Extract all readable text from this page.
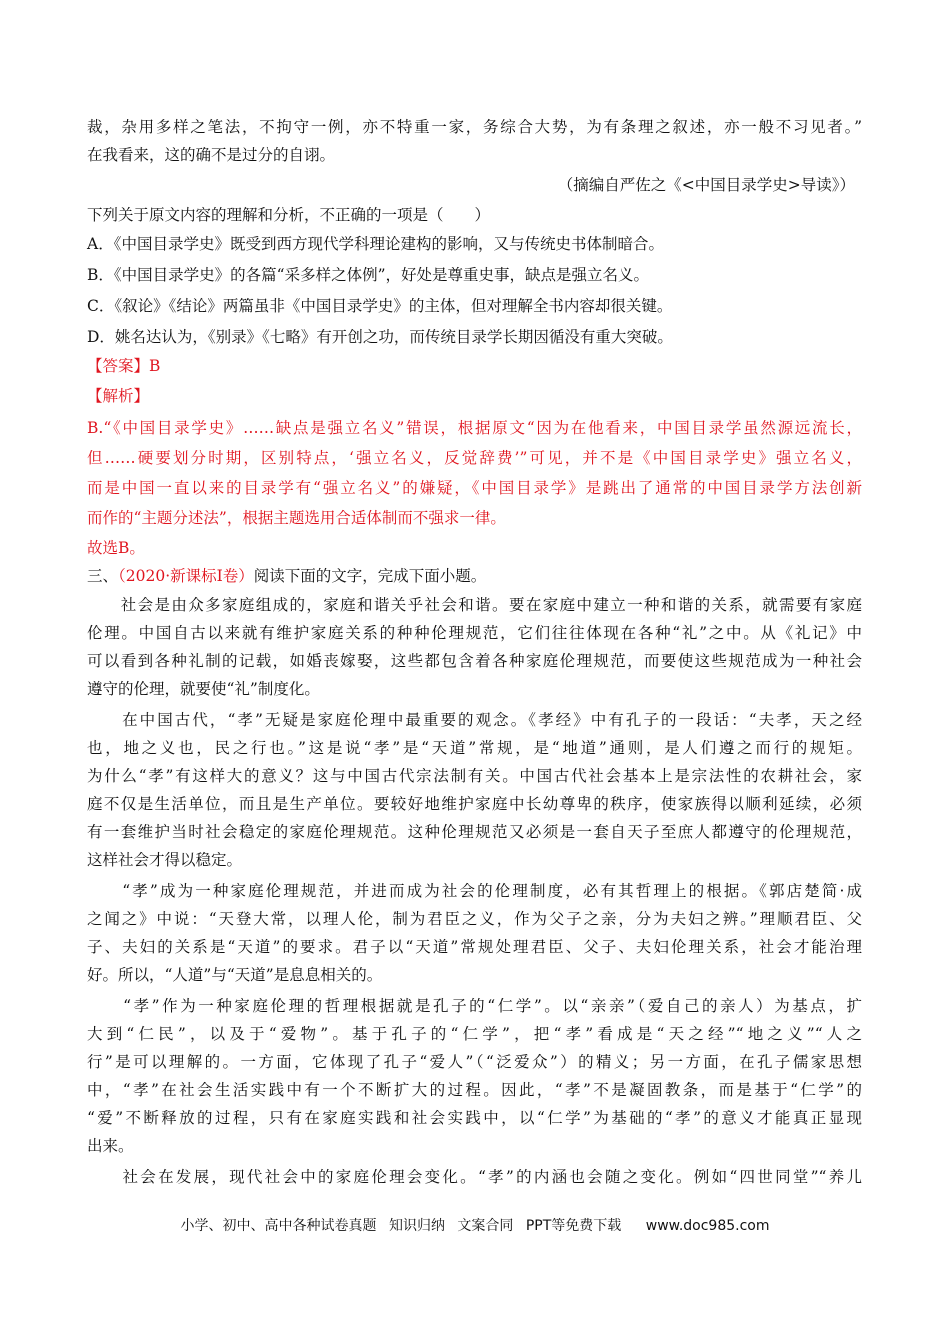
裁，杂用多样之笔法，不拘守一例，亦不特重一家，务综合大势，为有条理之叙述，亦一般不习见者。”
在我看来，这的确不是过分的自诩。
（摘编自严佐之《<中国目录学史>导读》）
下列关于原文内容的理解和分析，不正确的一项是（　　）
A．《中国目录学史》既受到西方现代学科理论建构的影响，又与传统史书体制暗合。
B．《中国目录学史》的各篇“采多样之体例”，好处是尊重史事，缺点是强立名义。
C．《叙论》《结论》两篇虽非《中国目录学史》的主体，但对理解全书内容却很关键。
D．姚名达认为，《别录》《七略》有开创之功，而传统目录学长期因循没有重大突破。
【答案】B
【解析】
B.“《中国目录学史》……缺点是强立名义”错误，根据原文“因为在他看来，中国目录学虽然源远流长，
但……硬要划分时期，区别特点，‘强立名义，反觉辞费’”可见，并不是《中国目录学史》强立名义，
而是中国一直以来的目录学有“强立名义”的嫌疑，《中国目录学》是跳出了通常的中国目录学方法创新
而作的“主题分述法”，根据主题选用合适体制而不强求一律。
故选B。
三、（2020·新课标Ⅰ卷）阅读下面的文字，完成下面小题。
　　社会是由众多家庭组成的，家庭和谐关乎社会和谐。要在家庭中建立一种和谐的关系，就需要有家庭
伦理。中国自古以来就有维护家庭关系的种种伦理规范，它们往往体现在各种“礼”之中。从《礼记》中
可以看到各种礼制的记载，如婚丧嫁娶，这些都包含着各种家庭伦理规范，而要使这些规范成为一种社会
遵守的伦理，就要使“礼”制度化。
　　在中国古代，“孝”无疑是家庭伦理中最重要的观念。《孝经》中有孔子的一段话：“夫孝，天之经
也，地之义也，民之行也。”这是说“孝”是“天道”常规，是“地道”通则，是人们遵之而行的规矩。
为什么“孝”有这样大的意义？这与中国古代宗法制有关。中国古代社会基本上是宗法性的农耕社会，家
庭不仅是生活单位，而且是生产单位。要较好地维护家庭中长幼尊卑的秩序，使家族得以顺利延续，必须
有一套维护当时社会稳定的家庭伦理规范。这种伦理规范又必须是一套自天子至庶人都遵守的伦理规范，
这样社会才得以稳定。
　　“孝”成为一种家庭伦理规范，并进而成为社会的伦理制度，必有其哲理上的根据。《郭店楚简·成
之闻之》中说：“天登大常，以理人伦，制为君臣之义，作为父子之亲，分为夫妇之辨。”理顺君臣、父
子、夫妇的关系是“天道”的要求。君子以“天道”常规处理君臣、父子、夫妇伦理关系，社会才能治理
好。所以，“人道”与“天道”是息息相关的。
　　“孝”作为一种家庭伦理的哲理根据就是孔子的“仁学”。以“亲亲”（爱自己的亲人）为基点，扩
大到“仁民”，以及于“爱物”。基于孔子的“仁学”，把“孝”看成是“天之经”“地之义”“人之
行”是可以理解的。一方面，它体现了孔子“爱人”（“泛爱众”）的精义；另一方面，在孔子儒家思想
中，“孝”在社会生活实践中有一个不断扩大的过程。因此，“孝”不是凝固教条，而是基于“仁学”的
“爱”不断释放的过程，只有在家庭实践和社会实践中，以“仁学”为基础的“孝”的意义才能真正显现
出来。
　　社会在发展，现代社会中的家庭伦理会变化。“孝”的内涵也会随之变化。例如“四世同堂”“养儿
小学、初中、高中各种试卷真题 知识归纳 文案合同 PPT等免费下载 www.doc985.com
